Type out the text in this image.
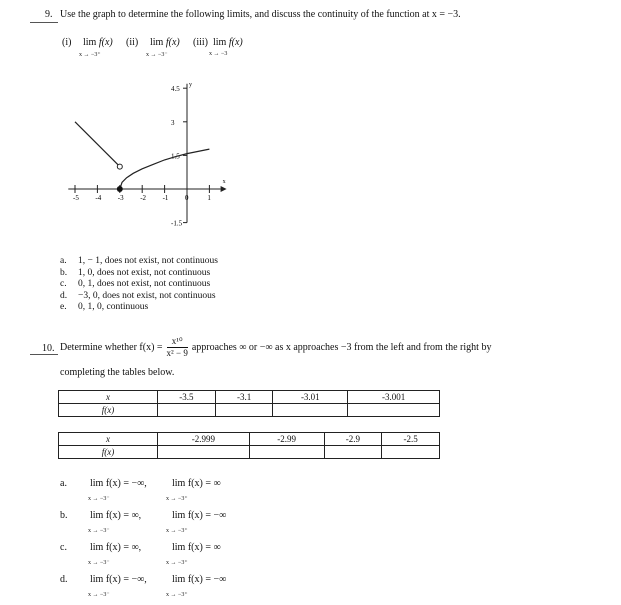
9. Use the graph to determine the following limits, and discuss the continuity of the function at x = −3.
(i) lim f(x)
x → −3⁺
(ii) lim f(x)
x → −3⁻
(iii) lim f(x)
x → −3
x
y
-5 -4 -3 -2 -1 0	1
4.5
3
1.5
-1.5
a. 1, − 1, does not exist, not continuous
b. 1, 0, does not exist, not continuous
c. 0, 1, does not exist, not continuous
d. −3, 0, does not exist, not continuous
e. 0, 1, 0, continuous
10. Determine whether $f(x) = \frac{\text{x¹⁰}}{\text{x² − 9}}$ approaches ∞ or −∞ as x approaches −3 from the left and from the right by
completing the tables below.
x	-3.5	-3.1	-3.01	-3.001
f(x)				
x	-2.999	-2.99	-2.9	-2.5
f(x)				
a. lim f(x) = −∞,
x → −3⁻
lim f(x) = ∞
x → −3⁺
b. lim f(x) = ∞,
x → −3⁻
lim f(x) = −∞
x → −3⁺
c. lim f(x) = ∞,
x → −3⁻
lim f(x) = ∞
x → −3⁺
d. lim f(x) = −∞,
x → −3⁻
lim f(x) = −∞
x → −3⁺
